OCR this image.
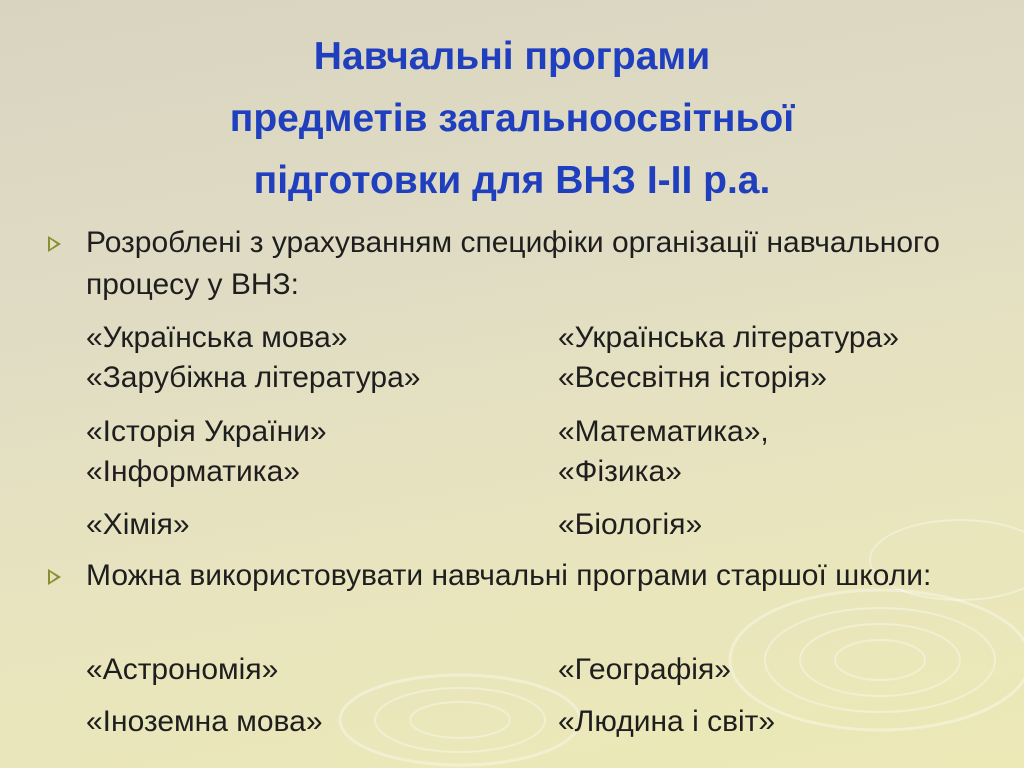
Навчальні програми
предметів загальноосвітньої
підготовки для ВНЗ І-ІІ р.а.
Розроблені з урахуванням специфіки організації навчального процесу у ВНЗ:
«Українська мова»	«Українська література»
«Зарубіжна література»	«Всесвітня історія»
«Історія України»	«Математика»,
«Інформатика»	«Фізика»
«Хімія»	«Біологія»
Можна використовувати навчальні програми старшої школи:
«Астрономія»	«Географія»
«Іноземна мова»	«Людина і світ»
